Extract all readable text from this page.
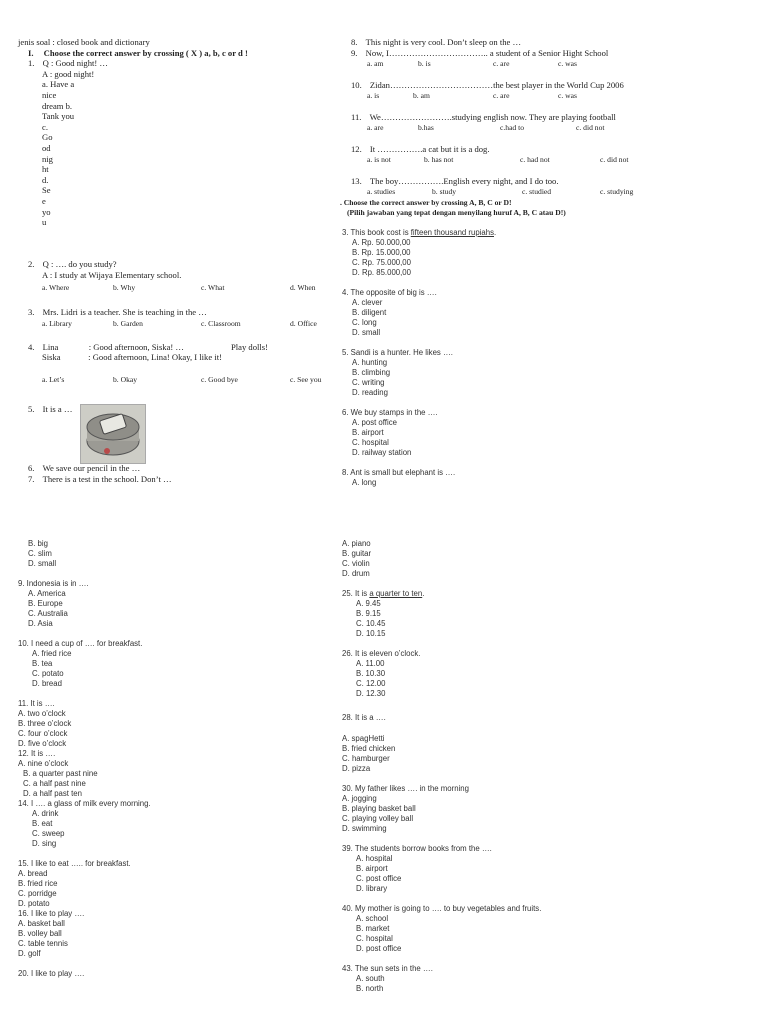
jenis soal : closed book and dictionary
I. Choose the correct answer by crossing ( X ) a, b, c or d !
1. Q : Good night! …
A : good night!
a. Have a
nice
dream b.
Tank you
c.
Go
od
nig
ht
d.
Se
e
yo
u
2. Q : …. do you study?
A : I study at Wijaya Elementary school.
a. Where	b. Why	c. What	d. When
3. Mrs. Lidri is a teacher. She is teaching in the …
a. Library	b. Garden	c. Classroom	d. Office
4. Lina	: Good afternoon, Siska! …	Play dolls!
Siska	: Good afternoon, Lina! Okay, I like it!
a. Let’s	b. Okay	c. Good bye	c. See you
5. It is a …
6. We save our pencil in the …
7. There is a test in the school. Don’t …
8. This night is very cool. Don’t sleep on the …
9. Now, I…………………………….. a student of a Senior Hight School
a. am	b. is	c. are	c. was
10. Zidan………………………………the best player in the World Cup 2006
a. is	b. am	c. are	c. was
11. We…………………….studying english now. They are playing football
a. are	b.has	c.had to	c. did not
12. It …………….a cat but it is a dog.
a. is not	b. has not	c. had not	c. did not
13. The boy…………….English every night, and I do too.
a. studies	b. study	c. studied	c. studying
. Choose the correct answer by crossing A, B, C or D!
(Pilih jawaban yang tepat dengan menyilang huruf A, B, C atau D!)
3. This book cost is fifteen thousand rupiahs.
A. Rp. 50.000,00
B. Rp. 15.000,00
C. Rp. 75.000,00
D. Rp. 85.000,00
4. The opposite of big is ….
A. clever
B. diligent
C. long
D. small
5. Sandi is a hunter. He likes ….
A. hunting
B. climbing
C. writing
D. reading
6. We buy stamps in the ….
A. post office
B. airport
C. hospital
D. railway station
8. Ant is small but elephant is ….
A. long
B. big
C. slim
D. small
9. Indonesia is in ….
A. America
B. Europe
C. Australia
D. Asia
10. I need a cup of …. for breakfast.
A. fried rice
B. tea
C. potato
D. bread
11. It is ….
A. two o’clock
B. three o’clock
C. four o’clock
D. five o’clock
12. It is ….
A. nine o’clock
B. a quarter past nine
C. a half past nine
D. a half past ten
14. I …. a glass of milk every morning.
A. drink
B. eat
C. sweep
D. sing
15. I like to eat ….. for breakfast.
A. bread
B. fried rice
C. porridge
D. potato
16. I like to play ….
A. basket ball
B. volley ball
C. table tennis
D. golf
20. I like to play ….
A. piano
B. guitar
C. violin
D. drum
25. It is a quarter to ten.
A. 9.45
B. 9.15
C. 10.45
D. 10.15
26. It is eleven o’clock.
A. 11.00
B. 10.30
C. 12.00
D. 12.30
28. It is a ….
A. spagHetti
B. fried chicken
C. hamburger
D. pizza
30. My father likes …. in the morning
A. jogging
B. playing basket ball
C. playing volley ball
D. swimming
39. The students borrow books from the ….
A. hospital
B. airport
C. post office
D. library
40. My mother is going to …. to buy vegetables and fruits.
A. school
B. market
C. hospital
D. post office
43. The sun sets in the ….
A. south
B. north
